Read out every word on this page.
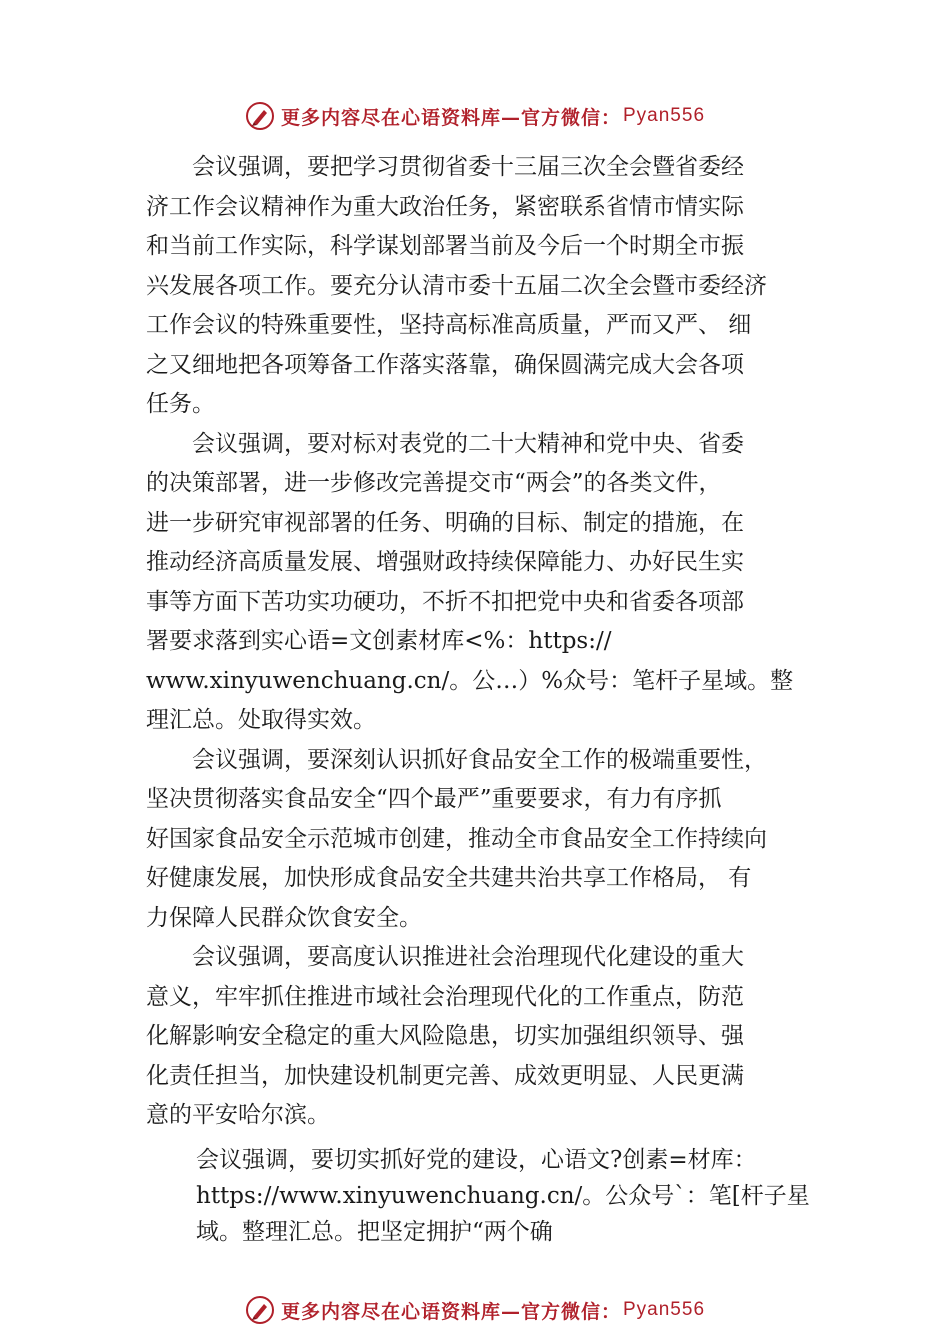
更多内容尽在心语资料库—官方微信： Pyan556

会议强调，要把学习贯彻省委十三届三次全会暨省委经
济工作会议精神作为重大政治任务，紧密联系省情市情实际
和当前工作实际，科学谋划部署当前及今后一个时期全市振
兴发展各项工作。要充分认清市委十五届二次全会暨市委经济
工作会议的特殊重要性，坚持高标准高质量，严而又严、 细
之又细地把各项筹备工作落实落靠，确保圆满完成大会各项
任务。

会议强调，要对标对表党的二十大精神和党中央、省委
的决策部署，进一步修改完善提交市“两会”的各类文件，
进一步研究审视部署的任务、明确的目标、制定的措施，在
推动经济高质量发展、增强财政持续保障能力、办好民生实
事等方面下苦功实功硬功，不折不扣把党中央和省委各项部
署要求落到实心语=文创素材库<%：https://
www.xinyuwenchuang.cn/。公…）%众号：笔杆子星域。整
理汇总。处取得实效。

会议强调，要深刻认识抓好食品安全工作的极端重要性，
坚决贯彻落实食品安全“四个最严”重要要求，有力有序抓
好国家食品安全示范城市创建，推动全市食品安全工作持续向
好健康发展，加快形成食品安全共建共治共享工作格局， 有
力保障人民群众饮食安全。

会议强调，要高度认识推进社会治理现代化建设的重大
意义，牢牢抓住推进市域社会治理现代化的工作重点，防范
化解影响安全稳定的重大风险隐患，切实加强组织领导、强
化责任担当，加快建设机制更完善、成效更明显、人民更满
意的平安哈尔滨。

会议强调，要切实抓好党的建设，心语文?创素=材库：
https://www.xinyuwenchuang.cn/。公众号`：笔[杆子星
域。整理汇总。把坚定拥护“两个确
更多内容尽在心语资料库—官方微信： Pyan556
